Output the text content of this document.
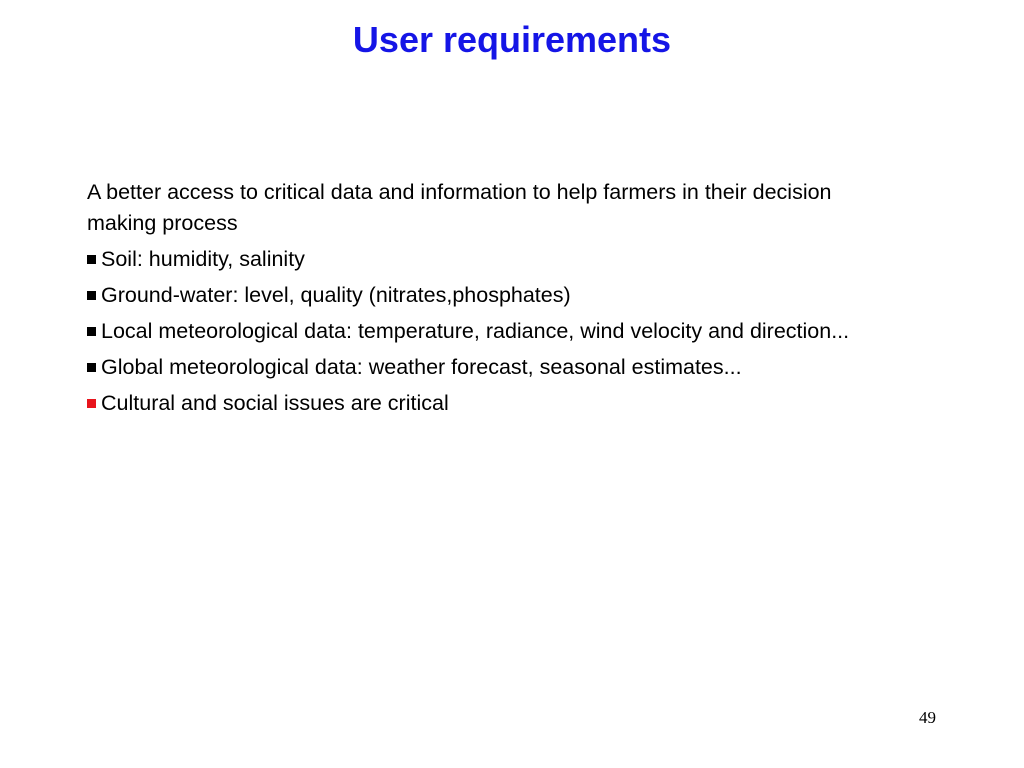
User requirements
A better access to critical data and information to help farmers in their decision making process
Soil: humidity, salinity
Ground-water: level, quality (nitrates,phosphates)
Local meteorological data: temperature, radiance, wind velocity and direction...
Global meteorological data: weather forecast, seasonal estimates...
Cultural and social issues are critical
49
